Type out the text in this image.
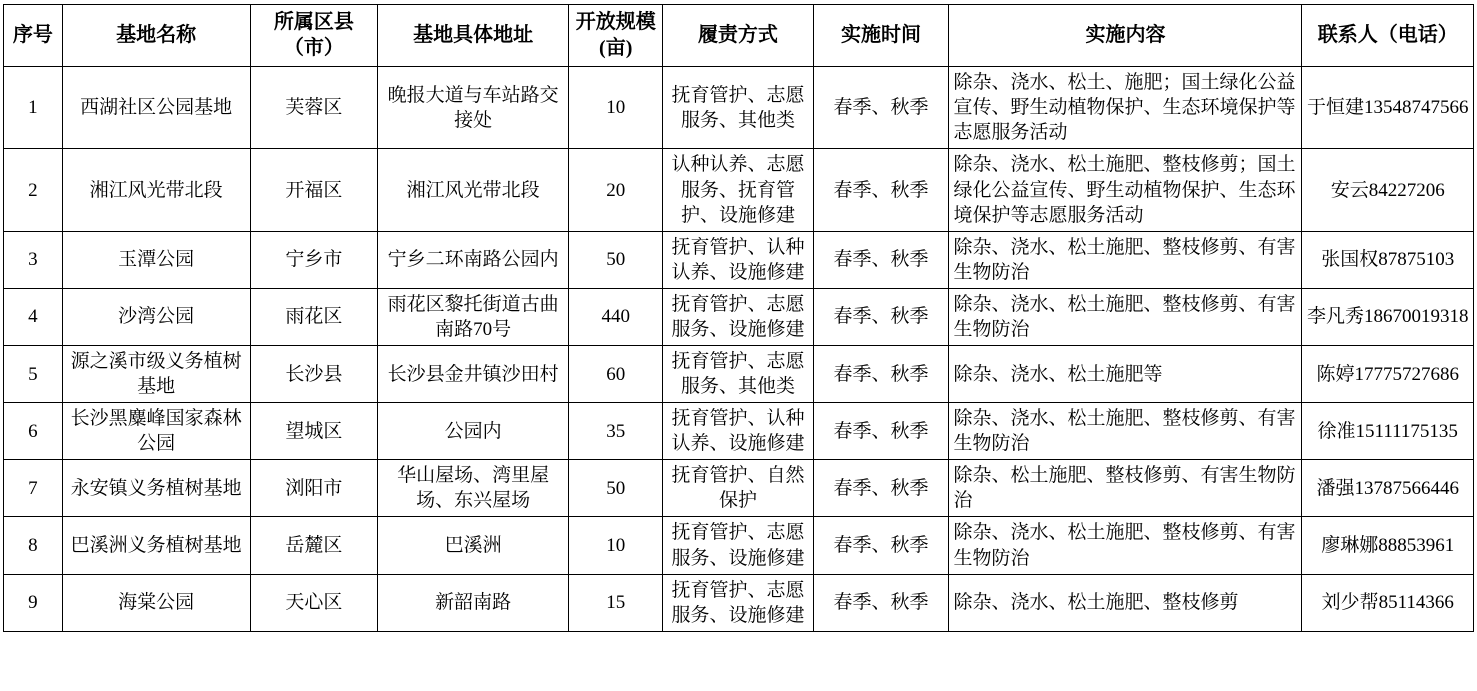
序号	基地名称	所属区县（市）	基地具体地址	开放规模(亩)	履责方式	实施时间	实施内容	联系人（电话）
1	西湖社区公园基地	芙蓉区	晚报大道与车站路交接处	10	抚育管护、志愿服务、其他类	春季、秋季	除杂、浇水、松土、施肥；国土绿化公益宣传、野生动植物保护、生态环境保护等志愿服务活动	于恒建13548747566
2	湘江风光带北段	开福区	湘江风光带北段	20	认种认养、志愿服务、抚育管护、设施修建	春季、秋季	除杂、浇水、松土施肥、整枝修剪；国土绿化公益宣传、野生动植物保护、生态环境保护等志愿服务活动	安云84227206
3	玉潭公园	宁乡市	宁乡二环南路公园内	50	抚育管护、认种认养、设施修建	春季、秋季	除杂、浇水、松土施肥、整枝修剪、有害生物防治	张国权87875103
4	沙湾公园	雨花区	雨花区黎托街道古曲南路70号	440	抚育管护、志愿服务、设施修建	春季、秋季	除杂、浇水、松土施肥、整枝修剪、有害生物防治	李凡秀18670019318
5	源之溪市级义务植树基地	长沙县	长沙县金井镇沙田村	60	抚育管护、志愿服务、其他类	春季、秋季	除杂、浇水、松土施肥等	陈婷17775727686
6	长沙黑麋峰国家森林公园	望城区	公园内	35	抚育管护、认种认养、设施修建	春季、秋季	除杂、浇水、松土施肥、整枝修剪、有害生物防治	徐准15111175135
7	永安镇义务植树基地	浏阳市	华山屋场、湾里屋场、东兴屋场	50	抚育管护、自然保护	春季、秋季	除杂、松土施肥、整枝修剪、有害生物防治	潘强13787566446
8	巴溪洲义务植树基地	岳麓区	巴溪洲	10	抚育管护、志愿服务、设施修建	春季、秋季	除杂、浇水、松土施肥、整枝修剪、有害生物防治	廖琳娜88853961
9	海棠公园	天心区	新韶南路	15	抚育管护、志愿服务、设施修建	春季、秋季	除杂、浇水、松土施肥、整枝修剪	刘少帮85114366
